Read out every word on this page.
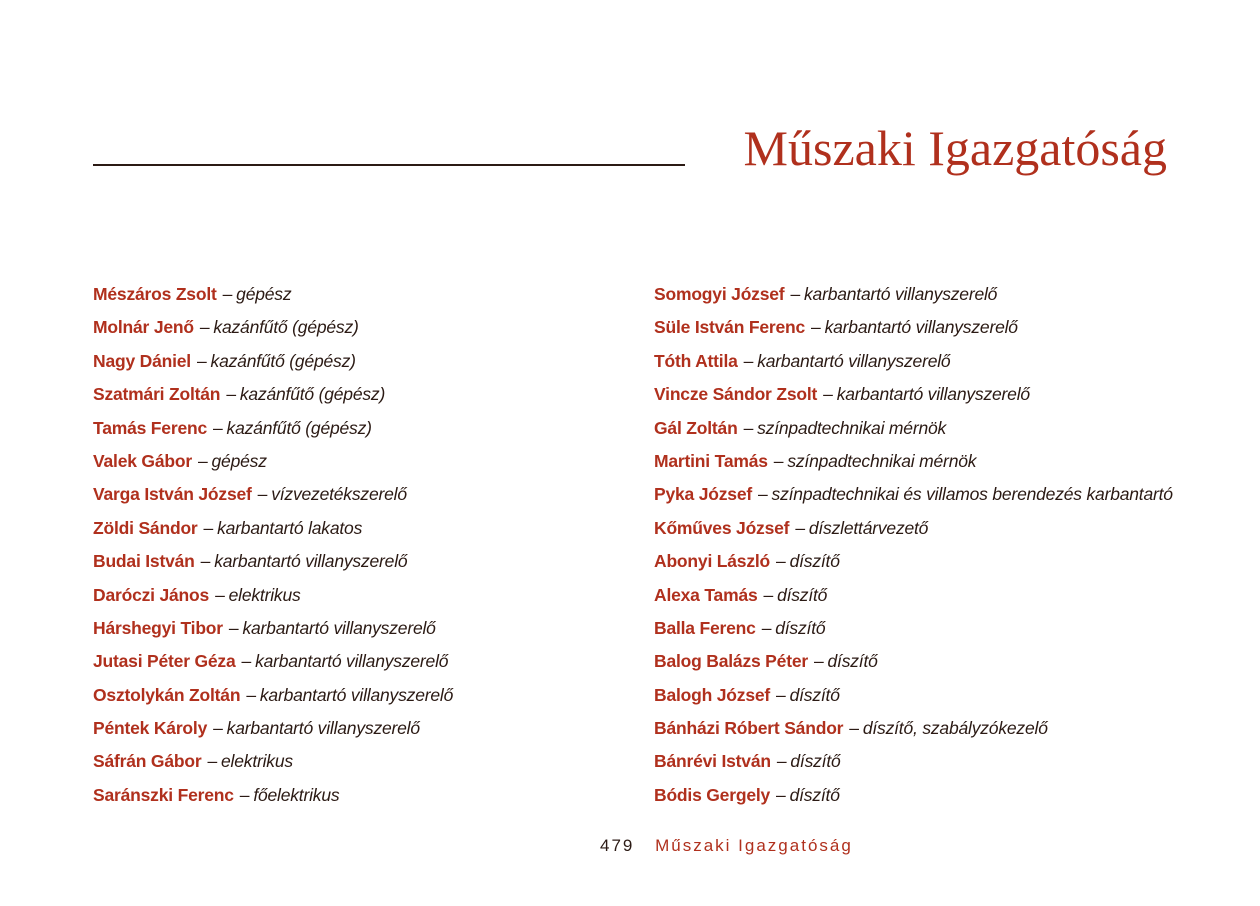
Műszaki Igazgatóság
Mészáros Zsolt – gépész
Molnár Jenő – kazánfűtő (gépész)
Nagy Dániel – kazánfűtő (gépész)
Szatmári Zoltán – kazánfűtő (gépész)
Tamás Ferenc – kazánfűtő (gépész)
Valek Gábor – gépész
Varga István József – vízvezetékszerelő
Zöldi Sándor – karbantartó lakatos
Budai István – karbantartó villanyszerelő
Daróczi János – elektrikus
Hárshegyi Tibor – karbantartó villanyszerelő
Jutasi Péter Géza – karbantartó villanyszerelő
Osztolykán Zoltán – karbantartó villanyszerelő
Péntek Károly – karbantartó villanyszerelő
Sáfrán Gábor – elektrikus
Saránszki Ferenc – főelektrikus
Somogyi József – karbantartó villanyszerelő
Süle István Ferenc – karbantartó villanyszerelő
Tóth Attila – karbantartó villanyszerelő
Vincze Sándor Zsolt – karbantartó villanyszerelő
Gál Zoltán – színpadtechnikai mérnök
Martini Tamás – színpadtechnikai mérnök
Pyka József – színpadtechnikai és villamos berendezés karbantartó
Kőműves József – díszlettárvezető
Abonyi László – díszítő
Alexa Tamás – díszítő
Balla Ferenc – díszítő
Balog Balázs Péter – díszítő
Balogh József – díszítő
Bánházi Róbert Sándor – díszítő, szabályzókezelő
Bánrévi István – díszítő
Bódis Gergely – díszítő
479 Műszaki Igazgatóság
